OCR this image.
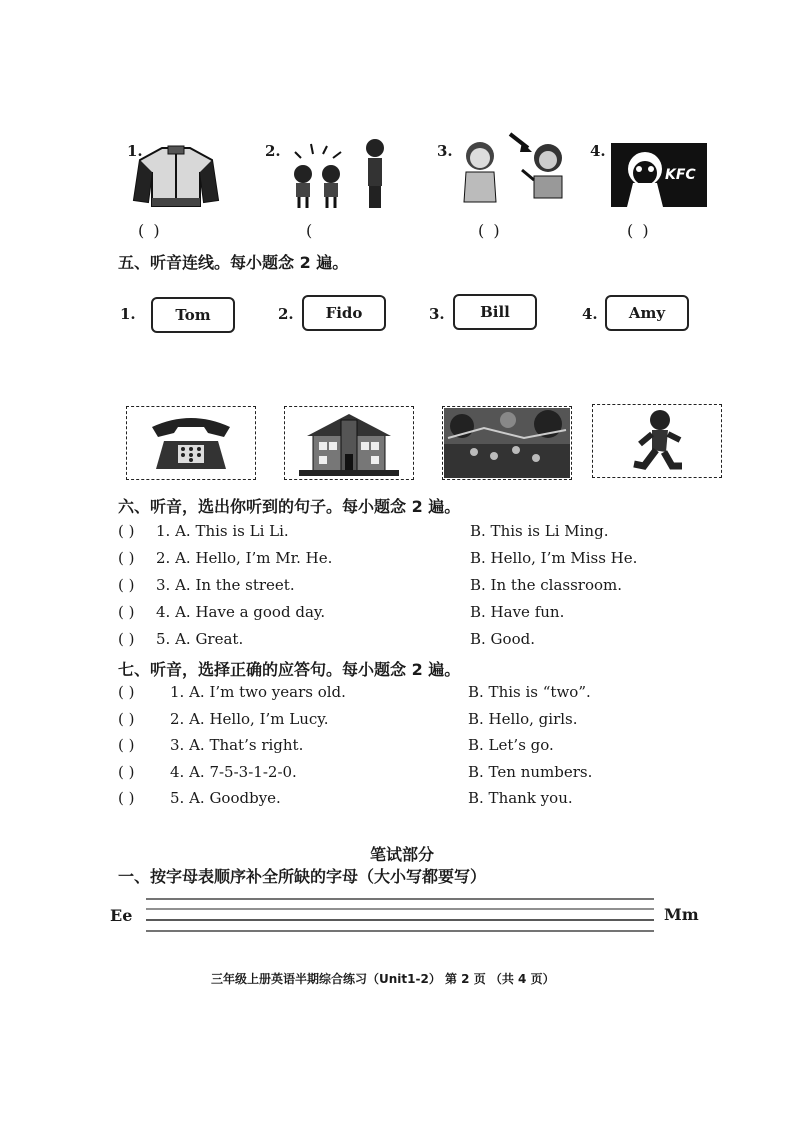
1.
( )
2.
(
3.
( )
4.
KFC
( )
五、听音连线。每小题念 2 遍。
1.	Tom	2. Fido	3. Bill	4. Amy
六、听音，选出你听到的句子。每小题念 2 遍。
( ) 1. A. This is Li Li.	B. This is Li Ming.
( ) 2. A. Hello, I’m Mr. He.	B. Hello, I’m Miss He.
( ) 3. A. In the street.	B. In the classroom.
( ) 4. A. Have a good day.	B. Have fun.
( ) 5. A. Great.	B. Good.
七、听音，选择正确的应答句。每小题念 2 遍。
( ) 1. A. I’m two years old.	B. This is “two”.
( ) 2. A. Hello, I’m Lucy.	B. Hello, girls.
( ) 3. A. That’s right.	B. Let’s go.
( ) 4. A. 7-5-3-1-2-0.	B. Ten numbers.
( ) 5. A. Goodbye.	B. Thank you.
笔试部分
一、按字母表顺序补全所缺的字母（大小写都要写）
Ee	Mm
三年级上册英语半期综合练习（Unit1-2） 第 2 页 （共 4 页）
